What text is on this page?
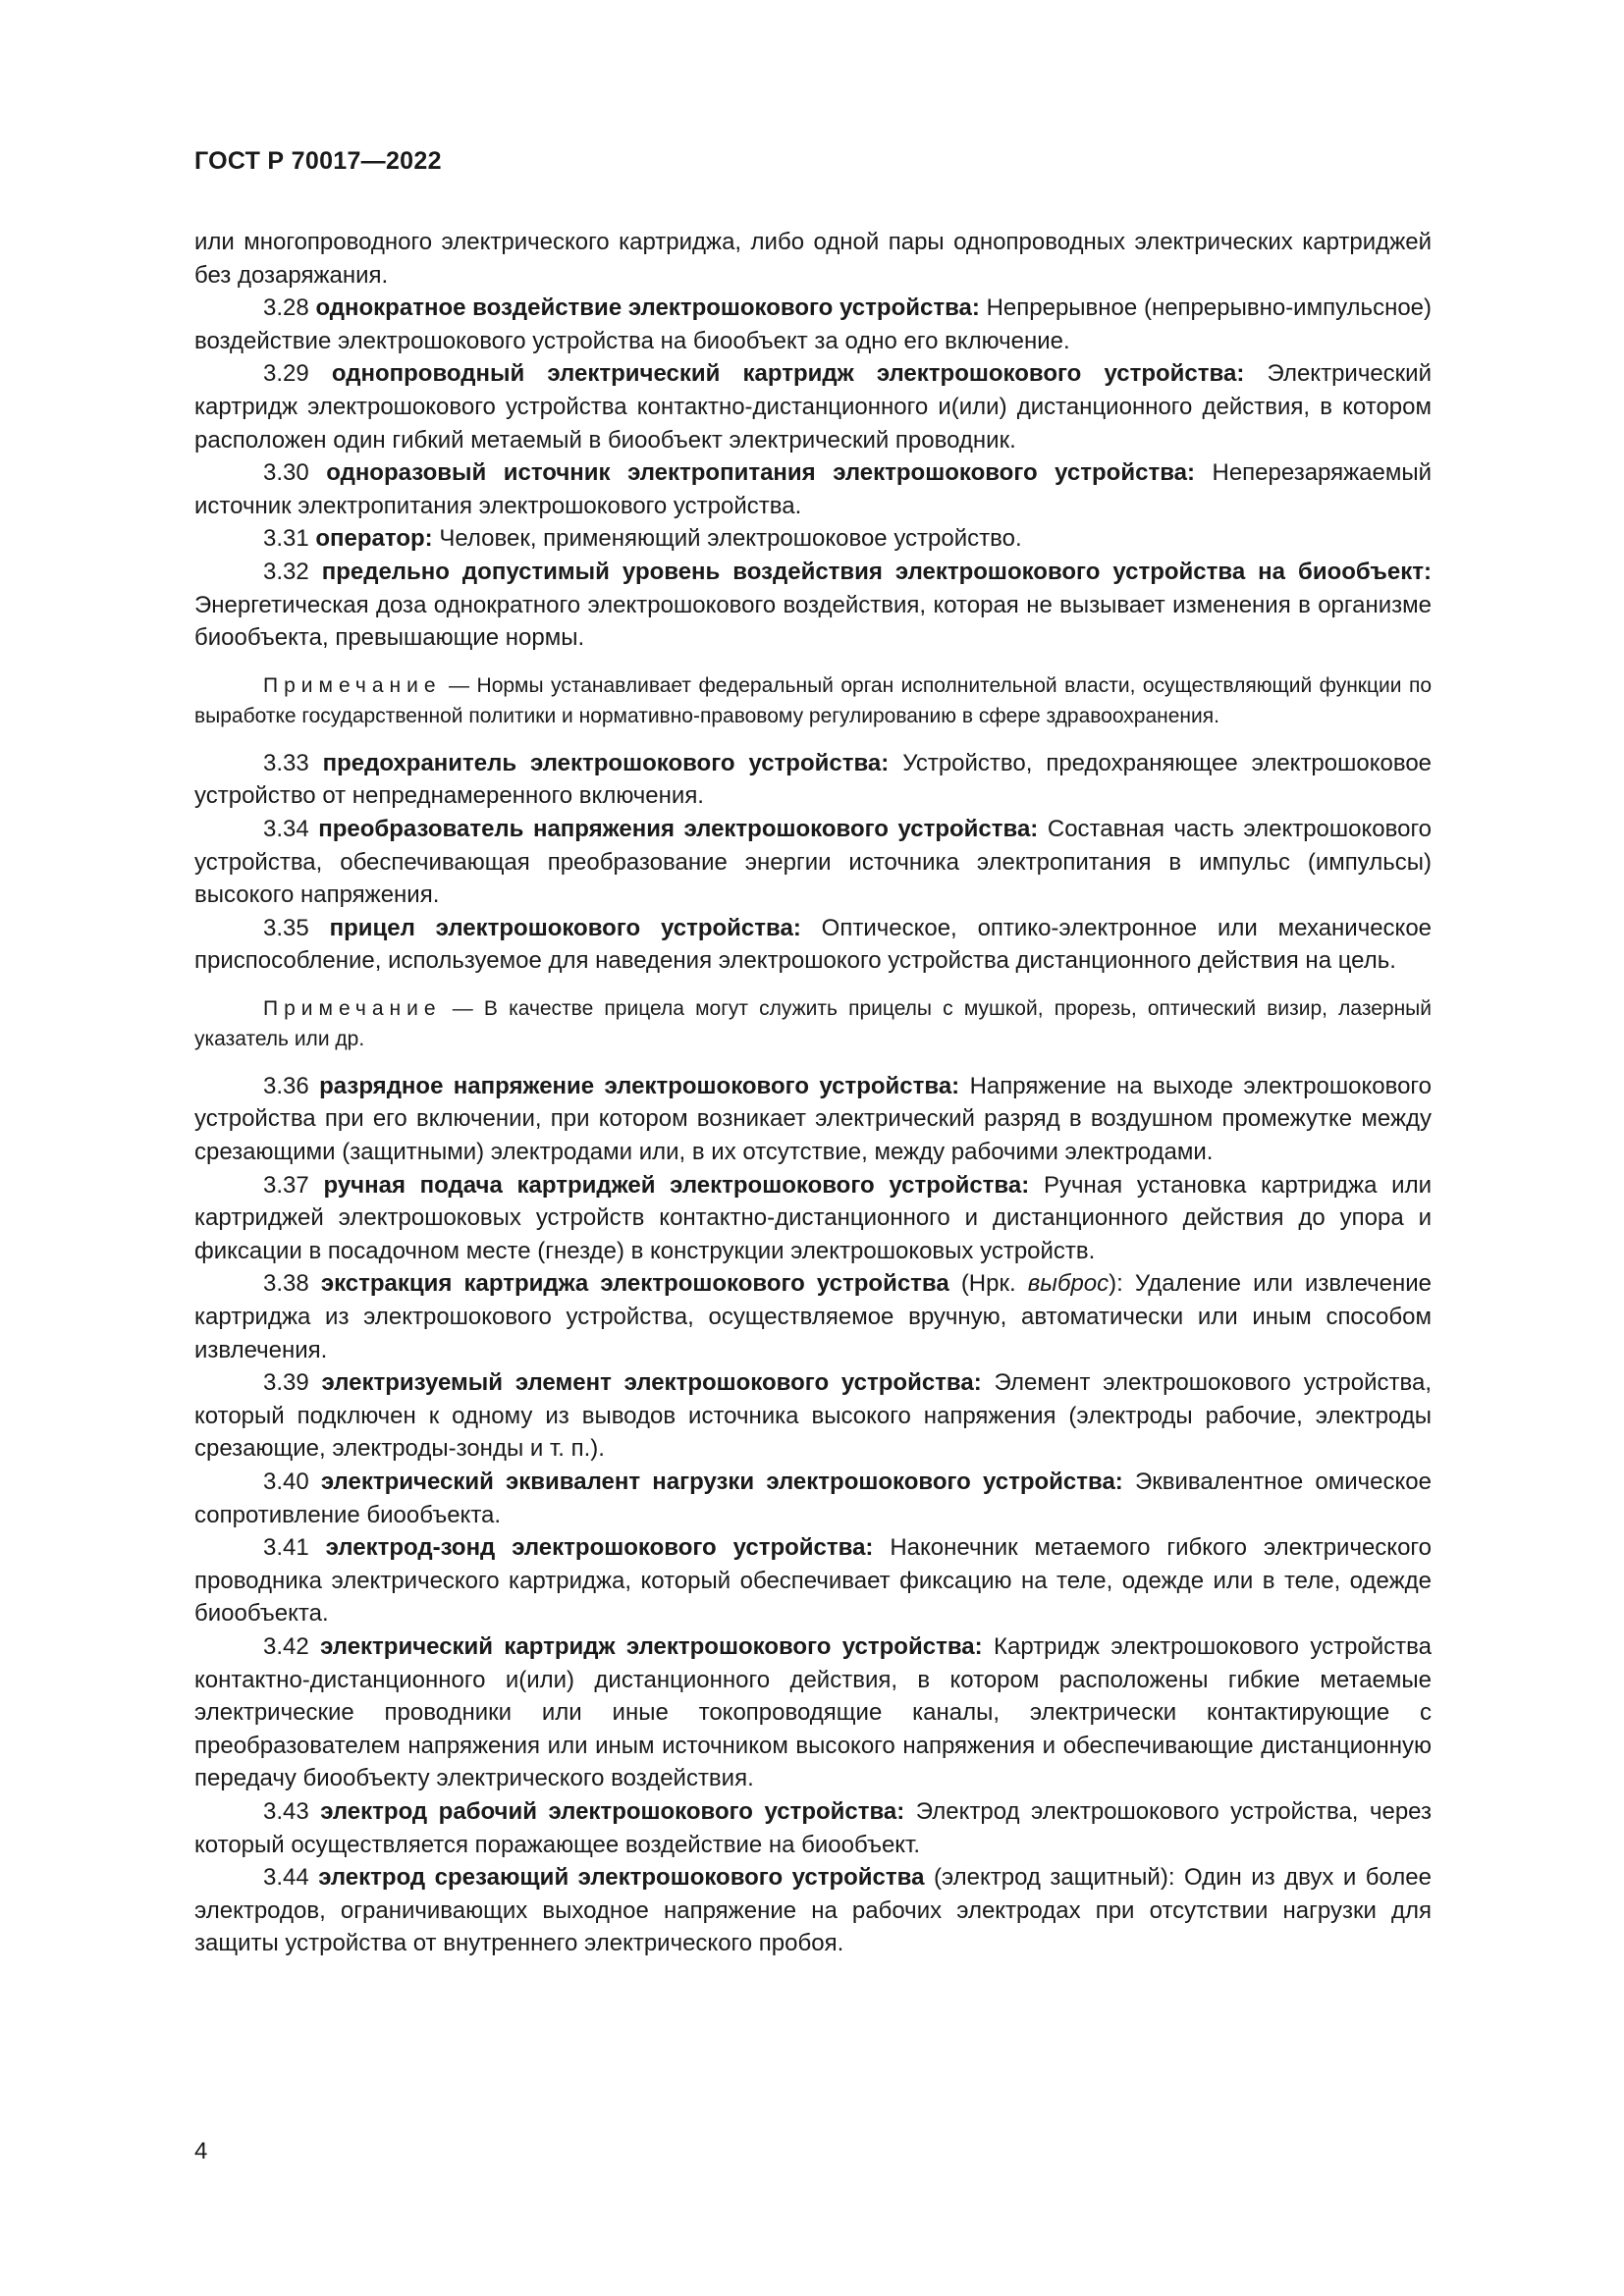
ГОСТ Р 70017—2022

или многопроводного электрического картриджа, либо одной пары однопроводных электрических картриджей без дозаряжания.

3.28 однократное воздействие электрошокового устройства: Непрерывное (непрерывно-импульсное) воздействие электрошокового устройства на биообъект за одно его включение.

3.29 однопроводный электрический картридж электрошокового устройства: Электрический картридж электрошокового устройства контактно-дистанционного и(или) дистанционного действия, в котором расположен один гибкий метаемый в биообъект электрический проводник.

3.30 одноразовый источник электропитания электрошокового устройства: Неперезаряжаемый источник электропитания электрошокового устройства.

3.31 оператор: Человек, применяющий электрошоковое устройство.

3.32 предельно допустимый уровень воздействия электрошокового устройства на биообъект: Энергетическая доза однократного электрошокового воздействия, которая не вызывает изменения в организме биообъекта, превышающие нормы.

Примечание — Нормы устанавливает федеральный орган исполнительной власти, осуществляющий функции по выработке государственной политики и нормативно-правовому регулированию в сфере здравоохранения.

3.33 предохранитель электрошокового устройства: Устройство, предохраняющее электрошоковое устройство от непреднамеренного включения.

3.34 преобразователь напряжения электрошокового устройства: Составная часть электрошокового устройства, обеспечивающая преобразование энергии источника электропитания в импульс (импульсы) высокого напряжения.

3.35 прицел электрошокового устройства: Оптическое, оптико-электронное или механическое приспособление, используемое для наведения электрошокого устройства дистанционного действия на цель.

Примечание — В качестве прицела могут служить прицелы с мушкой, прорезь, оптический визир, лазерный указатель или др.

3.36 разрядное напряжение электрошокового устройства: Напряжение на выходе электрошокового устройства при его включении, при котором возникает электрический разряд в воздушном промежутке между срезающими (защитными) электродами или, в их отсутствие, между рабочими электродами.

3.37 ручная подача картриджей электрошокового устройства: Ручная установка картриджа или картриджей электрошоковых устройств контактно-дистанционного и дистанционного действия до упора и фиксации в посадочном месте (гнезде) в конструкции электрошоковых устройств.

3.38 экстракция картриджа электрошокового устройства (Нрк. выброс): Удаление или извлечение картриджа из электрошокового устройства, осуществляемое вручную, автоматически или иным способом извлечения.

3.39 электризуемый элемент электрошокового устройства: Элемент электрошокового устройства, который подключен к одному из выводов источника высокого напряжения (электроды рабочие, электроды срезающие, электроды-зонды и т. п.).

3.40 электрический эквивалент нагрузки электрошокового устройства: Эквивалентное омическое сопротивление биообъекта.

3.41 электрод-зонд электрошокового устройства: Наконечник метаемого гибкого электрического проводника электрического картриджа, который обеспечивает фиксацию на теле, одежде или в теле, одежде биообъекта.

3.42 электрический картридж электрошокового устройства: Картридж электрошокового устройства контактно-дистанционного и(или) дистанционного действия, в котором расположены гибкие метаемые электрические проводники или иные токопроводящие каналы, электрически контактирующие с преобразователем напряжения или иным источником высокого напряжения и обеспечивающие дистанционную передачу биообъекту электрического воздействия.

3.43 электрод рабочий электрошокового устройства: Электрод электрошокового устройства, через который осуществляется поражающее воздействие на биообъект.

3.44 электрод срезающий электрошокового устройства (электрод защитный): Один из двух и более электродов, ограничивающих выходное напряжение на рабочих электродах при отсутствии нагрузки для защиты устройства от внутреннего электрического пробоя.

4
